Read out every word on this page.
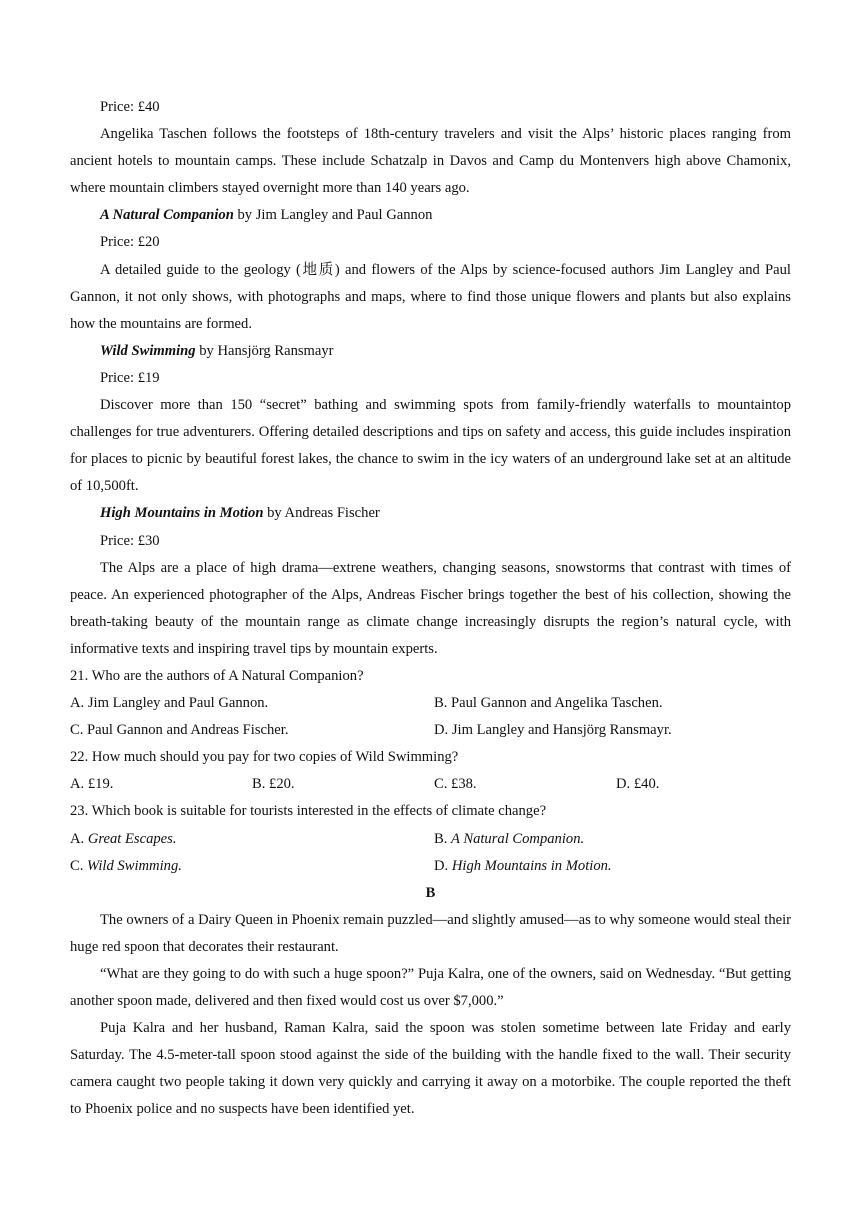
Price: £40
Angelika Taschen follows the footsteps of 18th-century travelers and visit the Alps’ historic places ranging from ancient hotels to mountain camps. These include Schatzalp in Davos and Camp du Montenvers high above Chamonix, where mountain climbers stayed overnight more than 140 years ago.
A Natural Companion by Jim Langley and Paul Gannon
Price: £20
A detailed guide to the geology (地质) and flowers of the Alps by science-focused authors Jim Langley and Paul Gannon, it not only shows, with photographs and maps, where to find those unique flowers and plants but also explains how the mountains are formed.
Wild Swimming by Hansjörg Ransmayr
Price: £19
Discover more than 150 “secret” bathing and swimming spots from family-friendly waterfalls to mountaintop challenges for true adventurers. Offering detailed descriptions and tips on safety and access, this guide includes inspiration for places to picnic by beautiful forest lakes, the chance to swim in the icy waters of an underground lake set at an altitude of 10,500ft.
High Mountains in Motion by Andreas Fischer
Price: £30
The Alps are a place of high drama—extrene weathers, changing seasons, snowstorms that contrast with times of peace. An experienced photographer of the Alps, Andreas Fischer brings together the best of his collection, showing the breath-taking beauty of the mountain range as climate change increasingly disrupts the region’s natural cycle, with informative texts and inspiring travel tips by mountain experts.
21. Who are the authors of A Natural Companion?
A. Jim Langley and Paul Gannon.	B. Paul Gannon and Angelika Taschen.
C. Paul Gannon and Andreas Fischer.	D. Jim Langley and Hansjörg Ransmayr.
22. How much should you pay for two copies of Wild Swimming?
A. £19.	B. £20.	C. £38.	D. £40.
23. Which book is suitable for tourists interested in the effects of climate change?
A. Great Escapes.	B. A Natural Companion.
C. Wild Swimming.	D. High Mountains in Motion.
B
The owners of a Dairy Queen in Phoenix remain puzzled—and slightly amused—as to why someone would steal their huge red spoon that decorates their restaurant.
“What are they going to do with such a huge spoon?” Puja Kalra, one of the owners, said on Wednesday. “But getting another spoon made, delivered and then fixed would cost us over $7,000.”
Puja Kalra and her husband, Raman Kalra, said the spoon was stolen sometime between late Friday and early Saturday. The 4.5-meter-tall spoon stood against the side of the building with the handle fixed to the wall. Their security camera caught two people taking it down very quickly and carrying it away on a motorbike. The couple reported the theft to Phoenix police and no suspects have been identified yet.
